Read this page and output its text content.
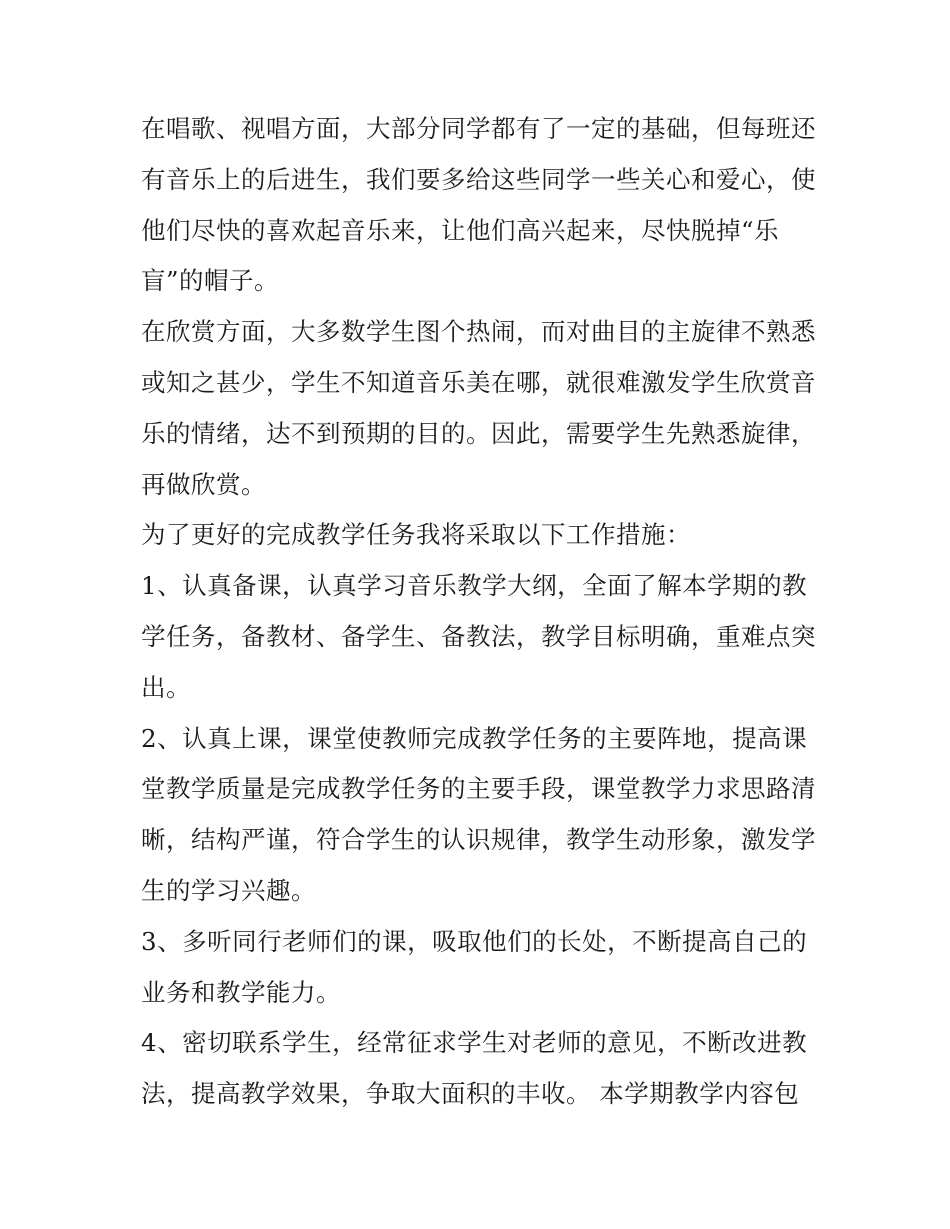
在唱歌、视唱方面，大部分同学都有了一定的基础，但每班还
有音乐上的后进生，我们要多给这些同学一些关心和爱心，使
他们尽快的喜欢起音乐来，让他们高兴起来，尽快脱掉“乐
盲”的帽子。
在欣赏方面，大多数学生图个热闹，而对曲目的主旋律不熟悉
或知之甚少，学生不知道音乐美在哪，就很难激发学生欣赏音
乐的情绪，达不到预期的目的。因此，需要学生先熟悉旋律，
再做欣赏。
为了更好的完成教学任务我将采取以下工作措施：
1、认真备课，认真学习音乐教学大纲，全面了解本学期的教
学任务，备教材、备学生、备教法，教学目标明确，重难点突
出。
2、认真上课，课堂使教师完成教学任务的主要阵地，提高课
堂教学质量是完成教学任务的主要手段，课堂教学力求思路清
晰，结构严谨，符合学生的认识规律，教学生动形象，激发学
生的学习兴趣。
3、多听同行老师们的课，吸取他们的长处，不断提高自己的
业务和教学能力。
4、密切联系学生，经常征求学生对老师的意见，不断改进教
法，提高教学效果，争取大面积的丰收。 本学期教学内容包
